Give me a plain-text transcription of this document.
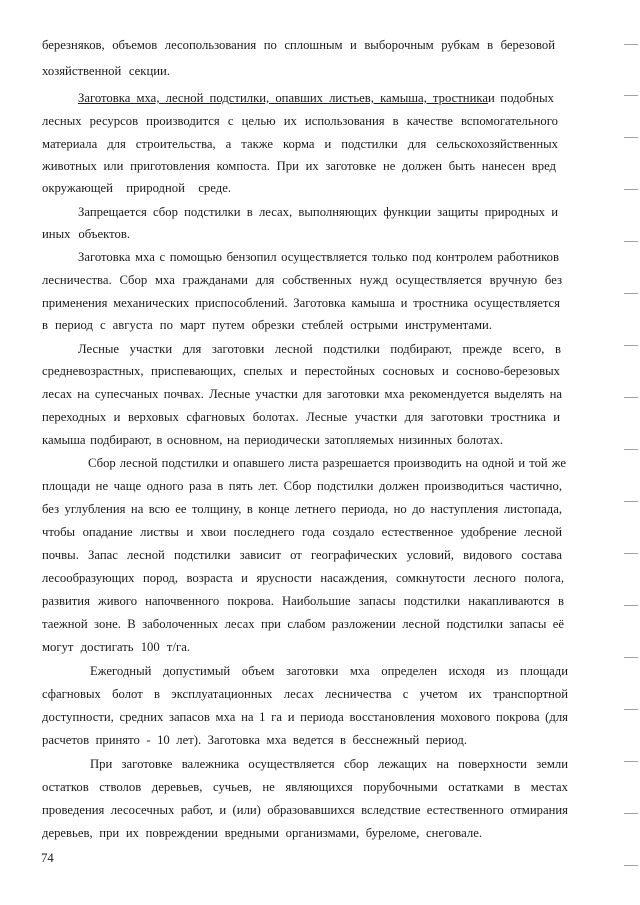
березняков, объемов лесопользования по сплошным и выборочным рубкам в березовой
хозяйственной секции.
Заготовка мха, лесной подстилки, опавших листьев, камыша, тростника и подобных
лесных ресурсов производится с целью их использования в качестве вспомогательного
материала для строительства, а также корма и подстилки для сельскохозяйственных
животных или приготовления компоста. При их заготовке не должен быть нанесен вред
окружающей природной среде.
Запрещается сбор подстилки в лесах, выполняющих функции защиты природных и
иных объектов.
Заготовка мха с помощью бензопил осуществляется только под контролем работников
лесничества. Сбор мха гражданами для собственных нужд осуществляется вручную без
применения механических приспособлений. Заготовка камыша и тростника осуществляется
в период с августа по март путем обрезки стеблей острыми инструментами.
Лесные участки для заготовки лесной подстилки подбирают, прежде всего, в
средневозрастных, приспевающих, спелых и перестойных сосновых и сосново-березовых
лесах на супесчаных почвах. Лесные участки для заготовки мха рекомендуется выделять на
переходных и верховых сфагновых болотах. Лесные участки для заготовки тростника и
камыша подбирают, в основном, на периодически затопляемых низинных болотах.
Сбор лесной подстилки и опавшего листа разрешается производить на одной и той же
площади не чаще одного раза в пять лет. Сбор подстилки должен производиться частично,
без углубления на всю ее толщину, в конце летнего периода, но до наступления листопада,
чтобы опадание листвы и хвои последнего года создало естественное удобрение лесной
почвы. Запас лесной подстилки зависит от географических условий, видового состава
лесообразующих пород, возраста и ярусности насаждения, сомкнутости лесного полога,
развития живого напочвенного покрова. Наибольшие запасы подстилки накапливаются в
таежной зоне. В заболоченных лесах при слабом разложении лесной подстилки запасы её
могут достигать 100 т/га.
Ежегодный допустимый объем заготовки мха определен исходя из площади
сфагновых болот в эксплуатационных лесах лесничества с учетом их транспортной
доступности, средних запасов мха на 1 га и периода восстановления мохового покрова (для
расчетов принято - 10 лет). Заготовка мха ведется в бесснежный период.
При заготовке валежника осуществляется сбор лежащих на поверхности земли
остатков стволов деревьев, сучьев, не являющихся порубочными остатками в местах
проведения лесосечных работ, и (или) образовавшихся вследствие естественного отмирания
деревьев, при их повреждении вредными организмами, буреломе, снеговале.
74
